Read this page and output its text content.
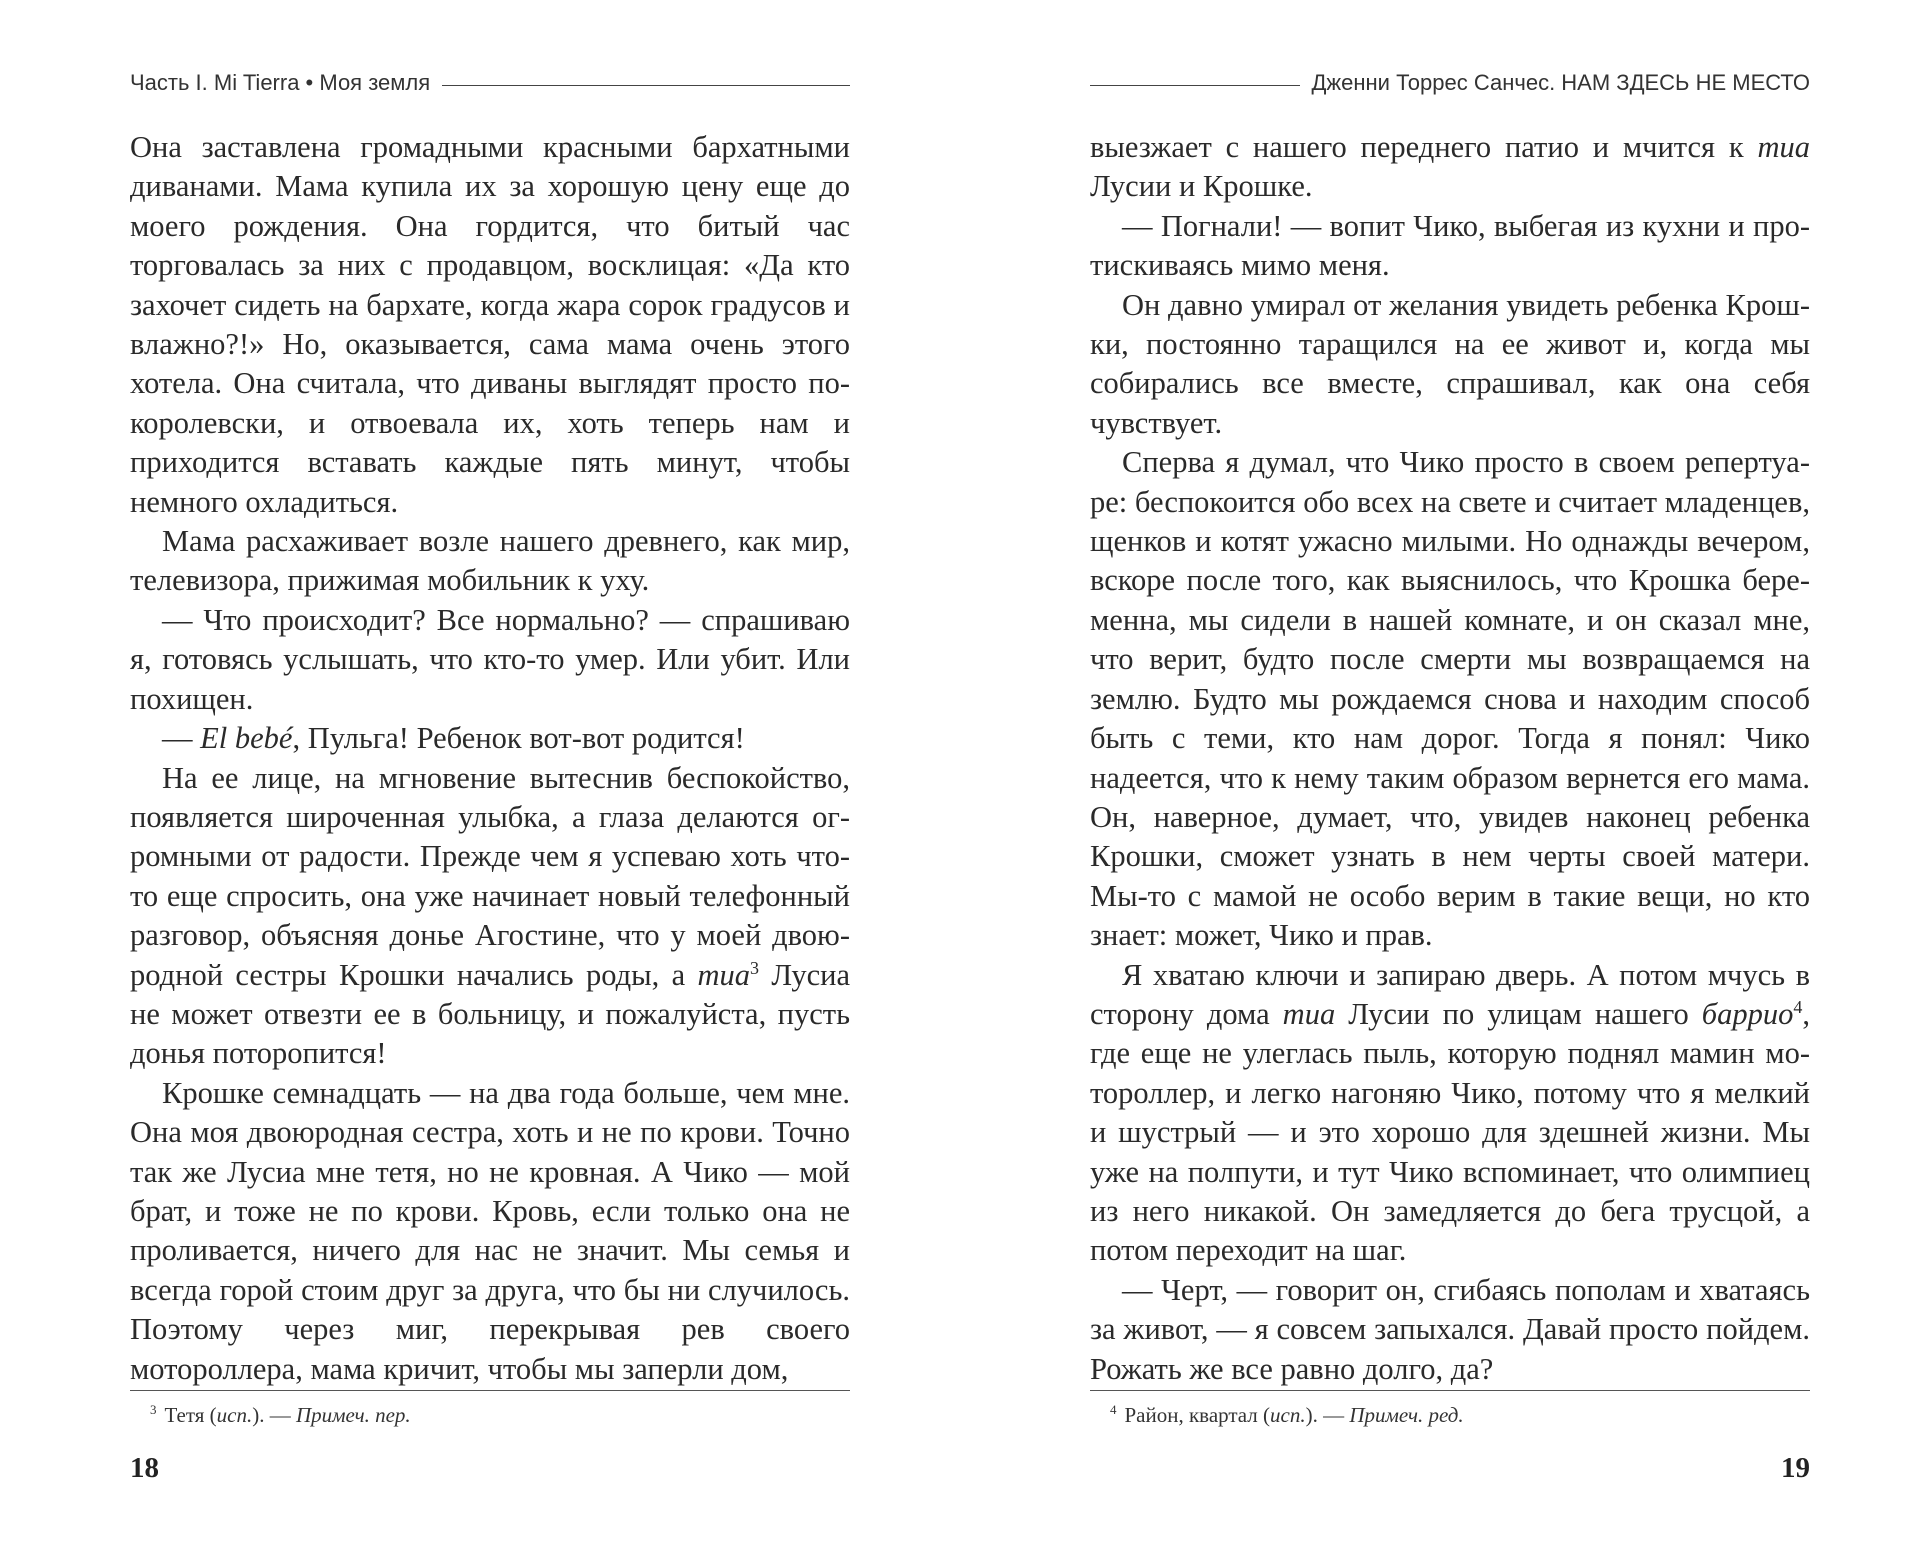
Часть I. Mi Tierra • Моя земля

Она заставлена громадными красными бархатными диванами. Мама купила их за хорошую цену еще до моего рождения. Она гордится, что битый час торговалась за них с продавцом, восклицая: «Да кто захочет сидеть на бархате, когда жара сорок градусов и влажно?!» Но, оказывается, сама мама очень этого хотела. Она считала, что диваны выглядят просто по-королевски, и отвоевала их, хоть теперь нам и приходится вставать каждые пять минут, чтобы немного охладиться.

Мама расхаживает возле нашего древнего, как мир, телевизора, прижимая мобильник к уху.

— Что происходит? Все нормально? — спрашиваю я, готовясь услышать, что кто-то умер. Или убит. Или похищен.

— El bebé, Пульга! Ребенок вот-вот родится!

На ее лице, на мгновение вытеснив беспокойство, появляется широченная улыбка, а глаза делаются огромными от радости. Прежде чем я успеваю хоть что-то еще спросить, она уже начинает новый телефонный разговор, объясняя донье Агостине, что у моей двоюродной сестры Крошки начались роды, а тиа$^3$ Лусиа не может отвезти ее в больницу, и пожалуйста, пусть донья поторопится!

Крошке семнадцать — на два года больше, чем мне. Она моя двоюродная сестра, хоть и не по крови. Точно так же Лусиа мне тетя, но не кровная. А Чико — мой брат, и тоже не по крови. Кровь, если только она не проливается, ничего для нас не значит. Мы семья и всегда горой стоим друг за друга, что бы ни случилось. Поэтому через миг, перекрывая рев своего мотороллера, мама кричит, чтобы мы заперли дом,

$^3$ Тетя (исп.). — Примеч. пер.
18
Дженни Торрес Санчес. НАМ ЗДЕСЬ НЕ МЕСТО

выезжает с нашего переднего патио и мчится к тиа Лусии и Крошке.

— Погнали! — вопит Чико, выбегая из кухни и протискиваясь мимо меня.

Он давно умирал от желания увидеть ребенка Крошки, постоянно таращился на ее живот и, когда мы собирались все вместе, спрашивал, как она себя чувствует.

Сперва я думал, что Чико просто в своем репертуаре: беспокоится обо всех на свете и считает младенцев, щенков и котят ужасно милыми. Но однажды вечером, вскоре после того, как выяснилось, что Крошка беременна, мы сидели в нашей комнате, и он сказал мне, что верит, будто после смерти мы возвращаемся на землю. Будто мы рождаемся снова и находим способ быть с теми, кто нам дорог. Тогда я понял: Чико надеется, что к нему таким образом вернется его мама. Он, наверное, думает, что, увидев наконец ребенка Крошки, сможет узнать в нем черты своей матери. Мы-то с мамой не особо верим в такие вещи, но кто знает: может, Чико и прав.

Я хватаю ключи и запираю дверь. А потом мчусь в сторону дома тиа Лусии по улицам нашего баррио$^4$, где еще не улеглась пыль, которую поднял мамин мотороллер, и легко нагоняю Чико, потому что я мелкий и шустрый — и это хорошо для здешней жизни. Мы уже на полпути, и тут Чико вспоминает, что олимпиец из него никакой. Он замедляется до бега трусцой, а потом переходит на шаг.

— Черт, — говорит он, сгибаясь пополам и хватаясь за живот, — я совсем запыхался. Давай просто пойдем. Рожать же все равно долго, да?

$^4$ Район, квартал (исп.). — Примеч. ред.
19
